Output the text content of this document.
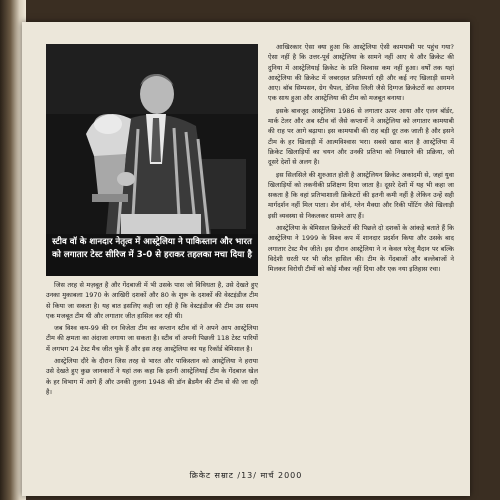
स्टीव वॉ के शानदार नेतृत्व में आस्ट्रेलिया ने पाकिस्तान और भारत को लगातार टेस्ट सीरिज में 3-0 से हराकर तहलका मचा दिया है

जिस तरह से मज़बूत है और गेंदबाजी में भी उसके पास जो विविधता है, उसे देखते हुए उनका मुकाबला 1970 के आखिरी दशकों और 80 के शुरू के दशकों की वेस्टइंडीज टीम से किया जा सकता है। यह बात इसलिए कही जा रही है कि वेस्टइंडीज की टीम उस समय एक मजबूत टीम थी और लगातार जीत हासिल कर रही थी।

जब विश्व कप-99 की रन विजेता टीम का कप्तान स्टीव वॉ ने अपने आप आस्ट्रेलिया टीम की क्षमता का अंदाजा लगाया जा सकता है। स्टीव वॉ अपनी पिछली 118 टेस्ट पारियों में लगभग 24 टेस्ट मैच जीत चुके हैं और इस तरह आस्ट्रेलिया का यह रिकॉर्ड बेमिसाल है।

आस्ट्रेलिया दौरे के दौरान जिस तरह से भारत और पाकिस्तान को आस्ट्रेलिया ने हराया उसे देखते हुए कुछ जानकारों ने यहां तक कहा कि इतनी आस्ट्रेलियाई टीम के गेंदबाज खेल के हर विभाग में आगे हैं और उनकी तुलना 1948 की डॉन ब्रैडमैन की टीम से की जा रही है।

आखिरकार ऐसा क्या हुआ कि आस्ट्रेलिया ऐसी कामयाबी पर पहुंच गया? ऐसा नहीं है कि उत्तर-पूर्व आस्ट्रेलिया के सामने नहीं आए थे और क्रिकेट की दुनिया में आस्ट्रेलियाई क्रिकेट के प्रति विश्वास कम नहीं हुआ। वर्षों तक यहां आस्ट्रेलिया की क्रिकेट में जबरदस्त प्रतिस्पर्धा रही और कई नए खिलाड़ी सामने आए। बॉब सिम्पसन, ग्रेग चैपल, डेनिस लिली जैसे दिग्गज क्रिकेटरों का आगमन एक साथ हुआ और आस्ट्रेलिया की टीम को मजबूत बनाया।

इसके बावजूद आस्ट्रेलिया 1986 से लगातार ऊपर आया और एलन बॉर्डर, मार्क टेलर और अब स्टीव वॉ जैसे कप्तानों ने आस्ट्रेलिया को लगातार कामयाबी की राह पर आगे बढ़ाया। इस कामयाबी की राह बड़ी दूर तक जाती है और इसने टीम के हर खिलाड़ी में आत्मविश्वास भरा। सबसे खास बात है आस्ट्रेलिया में क्रिकेट खिलाड़ियों का चयन और उनकी प्रतिभा को निखारने की प्रक्रिया, जो दूसरे देशों से अलग है।

इस सिलसिले की शुरुआत होती है आस्ट्रेलियन क्रिकेट अकादमी से, जहां युवा खिलाड़ियों को तकनीकी प्रशिक्षण दिया जाता है। दूसरे देशों में यह भी कहा जा सकता है कि वहां प्रतिभाशाली क्रिकेटरों की इतनी कमी नहीं है लेकिन उन्हें सही मार्गदर्शन नहीं मिल पाता। शेन वॉर्न, ग्लेन मैक्ग्रा और रिकी पोंटिंग जैसे खिलाड़ी इसी व्यवस्था से निकलकर सामने आए हैं।

आस्ट्रेलिया के बेमिसाल क्रिकेटरों की पिछले दो दशकों के आंकड़े बताते हैं कि आस्ट्रेलिया ने 1999 के विश्व कप में शानदार प्रदर्शन किया और उसके बाद लगातार टेस्ट मैच जीते। इस दौरान आस्ट्रेलिया ने न केवल घरेलू मैदान पर बल्कि विदेशी धरती पर भी जीत हासिल की। टीम के गेंदबाजों और बल्लेबाजों ने मिलकर विरोधी टीमों को कोई मौका नहीं दिया और एक नया इतिहास रचा।

क्रिकेट सम्राट /13/ मार्च 2000
